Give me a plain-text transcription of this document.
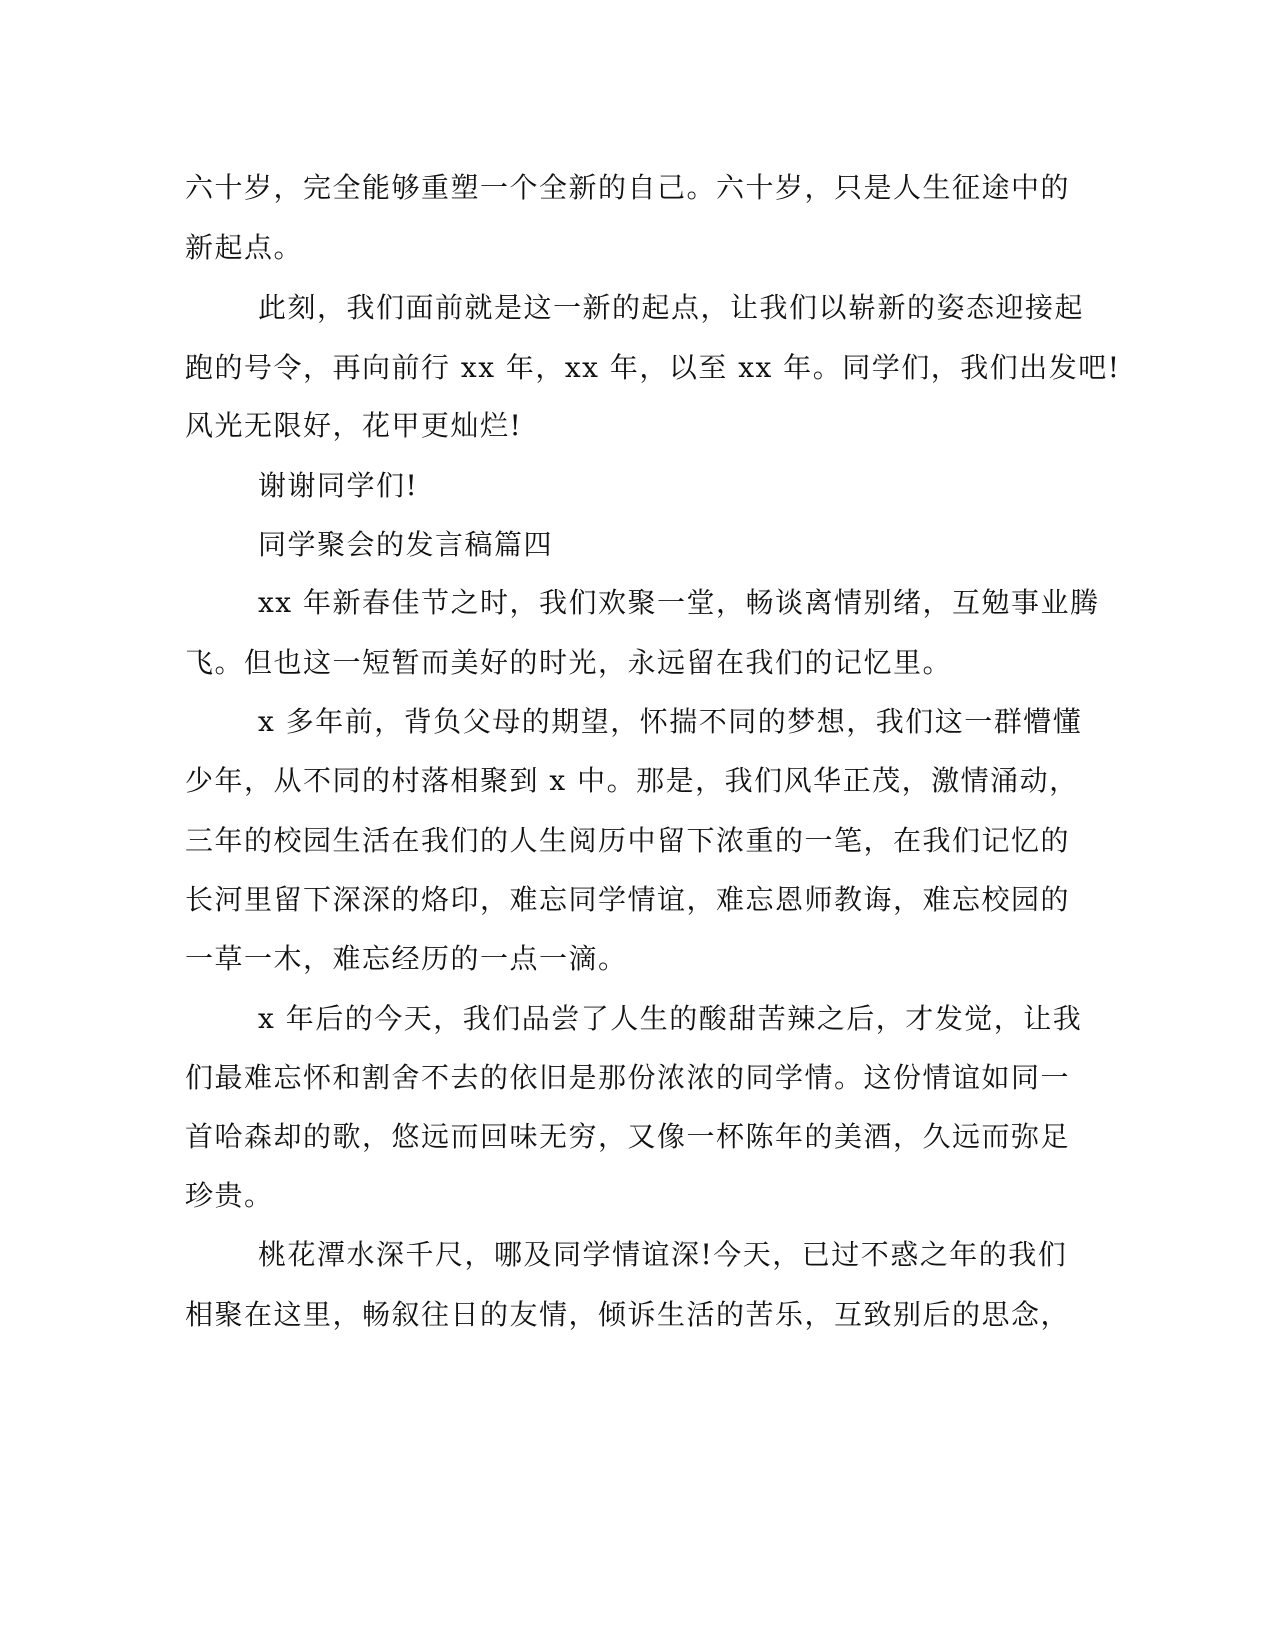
六十岁，完全能够重塑一个全新的自己。六十岁，只是人生征途中的
新起点。
此刻，我们面前就是这一新的起点，让我们以崭新的姿态迎接起
跑的号令，再向前行 xx 年，xx 年，以至 xx 年。同学们，我们出发吧!
风光无限好，花甲更灿烂!
谢谢同学们!
同学聚会的发言稿篇四
xx 年新春佳节之时，我们欢聚一堂，畅谈离情别绪，互勉事业腾
飞。但也这一短暂而美好的时光，永远留在我们的记忆里。
x 多年前，背负父母的期望，怀揣不同的梦想，我们这一群懵懂
少年，从不同的村落相聚到 x 中。那是，我们风华正茂，激情涌动，
三年的校园生活在我们的人生阅历中留下浓重的一笔，在我们记忆的
长河里留下深深的烙印，难忘同学情谊，难忘恩师教诲，难忘校园的
一草一木，难忘经历的一点一滴。
x 年后的今天，我们品尝了人生的酸甜苦辣之后，才发觉，让我
们最难忘怀和割舍不去的依旧是那份浓浓的同学情。这份情谊如同一
首哈森却的歌，悠远而回味无穷，又像一杯陈年的美酒，久远而弥足
珍贵。
桃花潭水深千尺，哪及同学情谊深!今天，已过不惑之年的我们
相聚在这里，畅叙往日的友情，倾诉生活的苦乐，互致别后的思念，
